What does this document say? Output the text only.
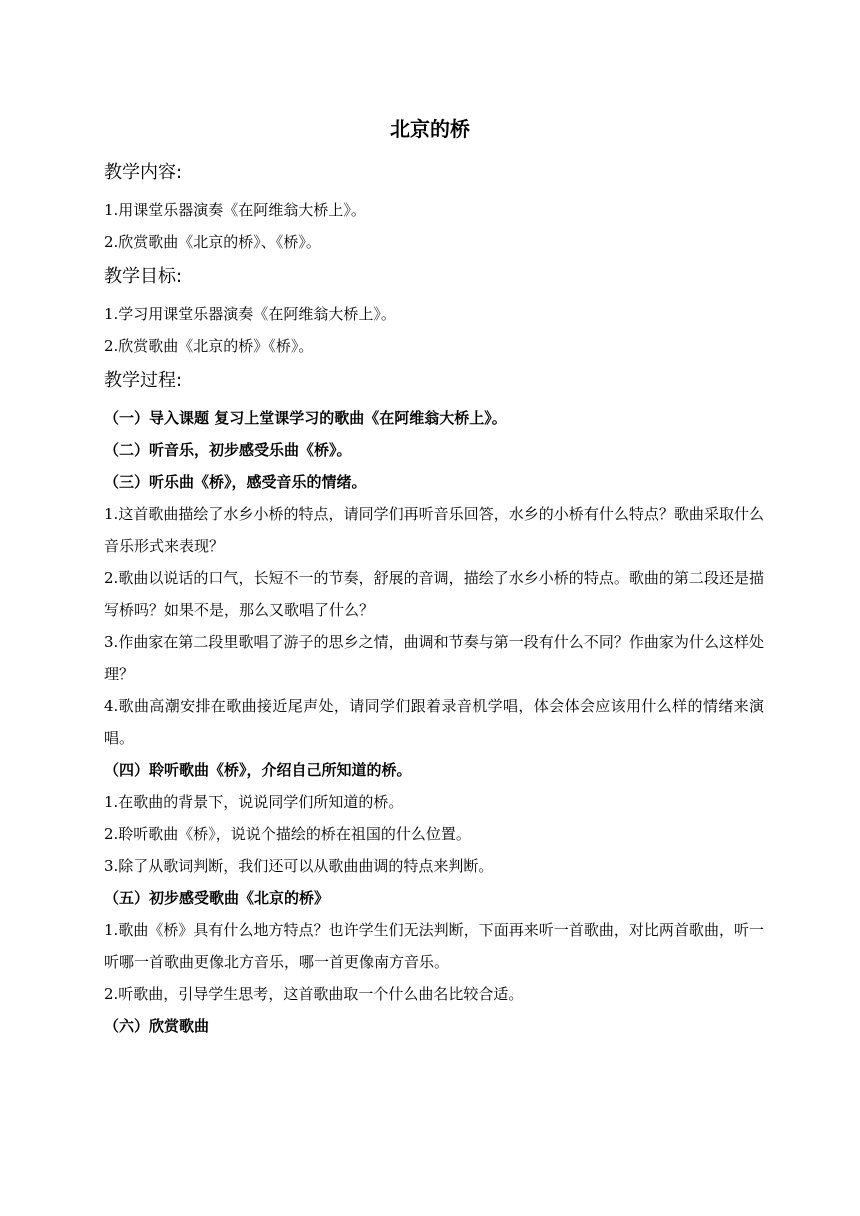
北京的桥
教学内容:
1.用课堂乐器演奏《在阿维翁大桥上》。
2.欣赏歌曲《北京的桥》、《桥》。
教学目标:
1.学习用课堂乐器演奏《在阿维翁大桥上》。
2.欣赏歌曲《北京的桥》《桥》。
教学过程:
（一）导入课题 复习上堂课学习的歌曲《在阿维翁大桥上》。
（二）听音乐，初步感受乐曲《桥》。
（三）听乐曲《桥》，感受音乐的情绪。
1.这首歌曲描绘了水乡小桥的特点，请同学们再听音乐回答，水乡的小桥有什么特点？歌曲采取什么音乐形式来表现？
2.歌曲以说话的口气，长短不一的节奏，舒展的音调，描绘了水乡小桥的特点。歌曲的第二段还是描写桥吗？如果不是，那么又歌唱了什么？
3.作曲家在第二段里歌唱了游子的思乡之情，曲调和节奏与第一段有什么不同？作曲家为什么这样处理？
4.歌曲高潮安排在歌曲接近尾声处，请同学们跟着录音机学唱，体会体会应该用什么样的情绪来演唱。
（四）聆听歌曲《桥》，介绍自己所知道的桥。
1.在歌曲的背景下，说说同学们所知道的桥。
2.聆听歌曲《桥》，说说个描绘的桥在祖国的什么位置。
3.除了从歌词判断，我们还可以从歌曲曲调的特点来判断。
（五）初步感受歌曲《北京的桥》
1.歌曲《桥》具有什么地方特点？也许学生们无法判断，下面再来听一首歌曲，对比两首歌曲，听一听哪一首歌曲更像北方音乐，哪一首更像南方音乐。
2.听歌曲，引导学生思考，这首歌曲取一个什么曲名比较合适。
（六）欣赏歌曲
